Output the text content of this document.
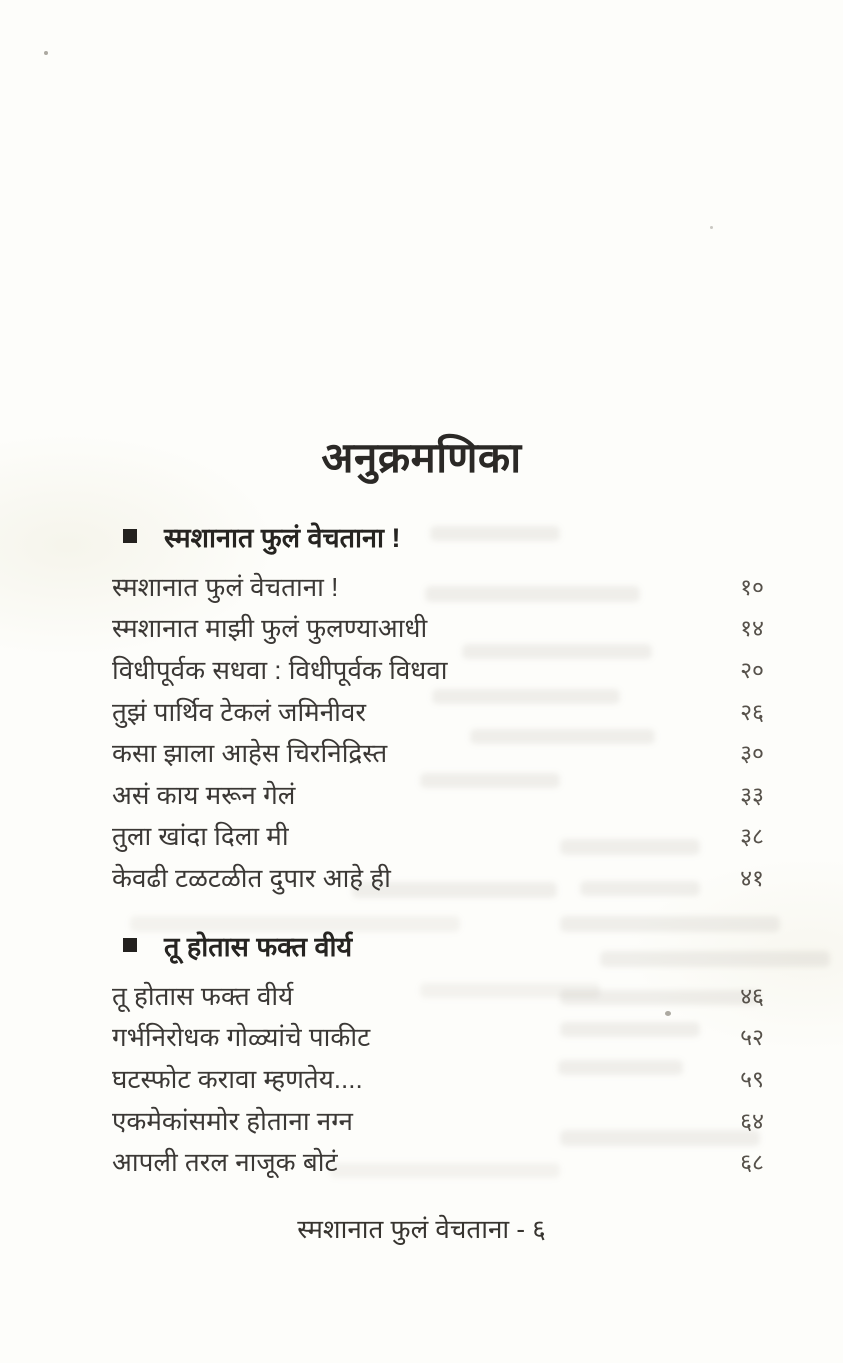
अनुक्रमणिका
स्मशानात फुलं वेचताना !
स्मशानात फुलं वेचताना !	१०
स्मशानात माझी फुलं फुलण्याआधी	१४
विधीपूर्वक सधवा : विधीपूर्वक विधवा	२०
तुझं पार्थिव टेकलं जमिनीवर	२६
कसा झाला आहेस चिरनिद्रिस्त	३०
असं काय मरून गेलं	३३
तुला खांदा दिला मी	३८
केवढी टळटळीत दुपार आहे ही	४१
तू होतास फक्त वीर्य
तू होतास फक्त वीर्य	४६
गर्भनिरोधक गोळ्यांचे पाकीट	५२
घटस्फोट करावा म्हणतेय....	५९
एकमेकांसमोर होताना नग्न	६४
आपली तरल नाजूक बोटं	६८
स्मशानात फुलं वेचताना - ६
